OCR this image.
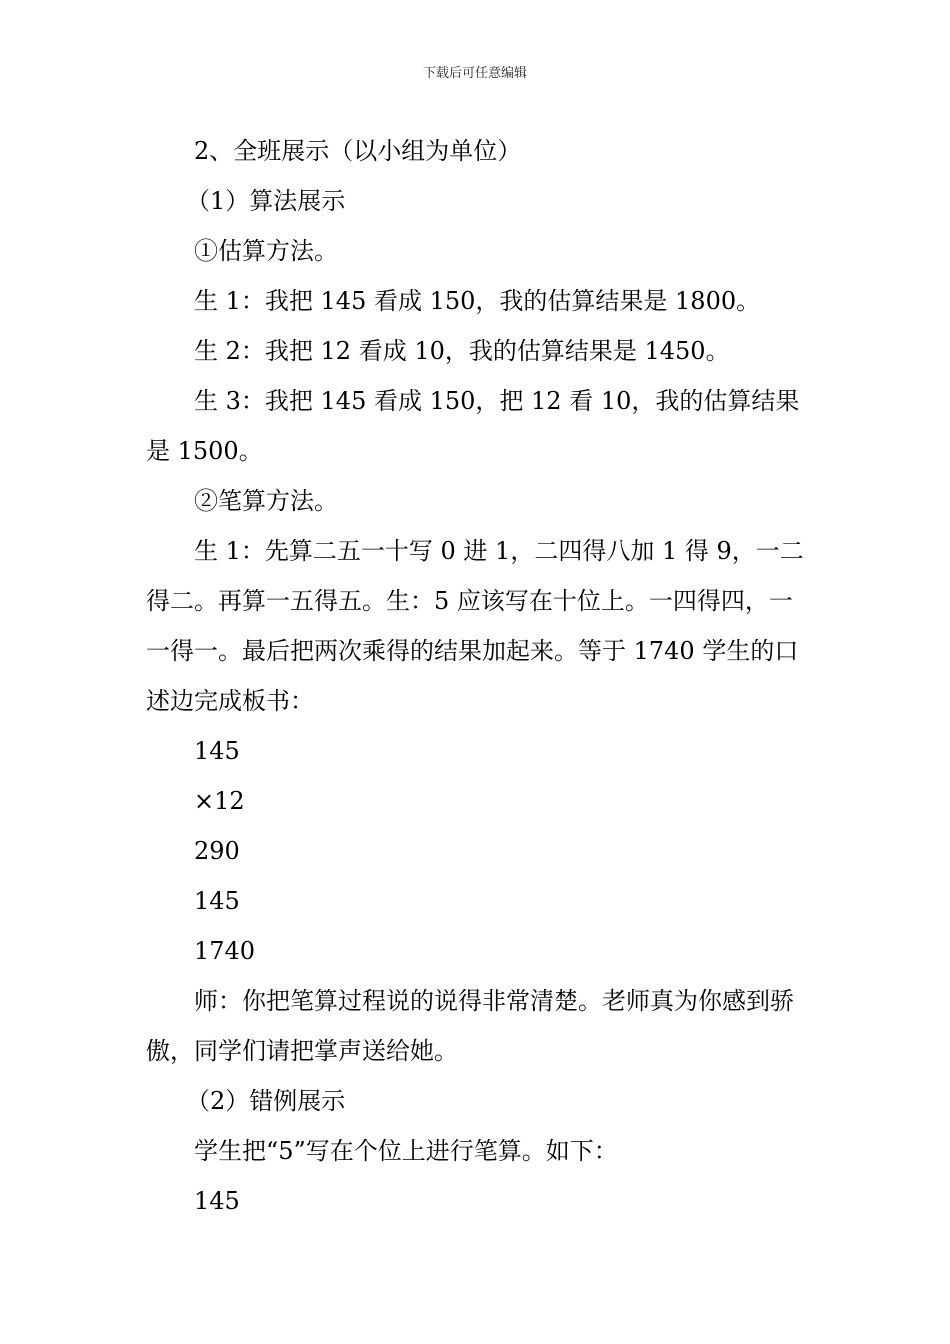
下载后可任意编辑

2、全班展示（以小组为单位）

（1）算法展示

①估算方法。

生 1：我把 145 看成 150，我的估算结果是 1800。

生 2：我把 12 看成 10，我的估算结果是 1450。

生 3：我把 145 看成 150，把 12 看 10，我的估算结果是 1500。

②笔算方法。

生 1：先算二五一十写 0 进 1，二四得八加 1 得 9，一二得二。再算一五得五。生：5 应该写在十位上。一四得四，一一得一。最后把两次乘得的结果加起来。等于 1740 学生的口述边完成板书：

145

×12

290

145

1740

师：你把笔算过程说的说得非常清楚。老师真为你感到骄傲，同学们请把掌声送给她。

（2）错例展示

学生把“5”写在个位上进行笔算。如下：

145
